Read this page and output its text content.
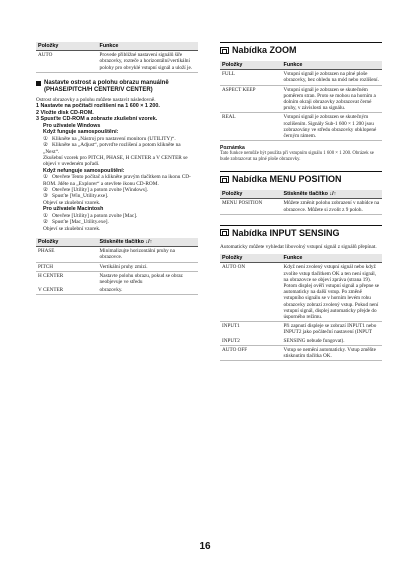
Položky	Funkce
AUTO	Provede přibližné nastavení signálů šíře obrazovky, rozteče a horizontální/vertikální polohy pro obvyklé vstupní signál a uloží je.
Nastavte ostrost a polohu obrazu manuálně
(PHASE/PITCH/H CENTER/V CENTER)

Ostrost obrazovky a polohu můžete nastavit následovně.

1 Nastavte na počítači rozlišení na 1 600 × 1 200.

2 Vložte disk CD-ROM.

3 Spusťte CD-ROM a zobrazte zkušební vzorek.

Pro uživatele Windows

Když funguje samospouštění:

① Klikněte na „Nástroj pro nastavení monitoru (UTILITY)“.

② Klikněte na „Adjust“, potvrďte rozlišení a potom klikněte na „Next“.

Zkušební vzorek pro PITCH, PHASE, H CENTER a V CENTER se objeví v uvedeném pořadí.

Když nefunguje samospouštění:

① Otevřete Tento počítač a klikněte pravým tlačítkem na ikonu CD-ROM. Jděte na „Explorer“ a otevřete ikonu CD-ROM.

② Otevřete [Utility] a potom zvolte [Windows].

③ Spusťte [Win_Utility.exe].

Objeví se zkušební vzorek.

Pro uživatele Macintosh

① Otevřete [Utility] a potom zvolte [Mac].

② Spusťte [Mac_Utility.exe].

Objeví se zkušební vzorek.

Položky	Stiskněte tlačítko ↓/↑
PHASE	Minimalizujte horizontální pruhy na obrazovce.
PITCH	Vertikální pruhy zmizí.
H CENTER	Nastavte polohu obrazu, pokud se obraz neobjevuje ve středu
V CENTER	obrazovky.
Nabídka ZOOM
Položky	Funkce
FULL	Vstupní signál je zobrazen na plné ploše obrazovky, bez ohledu na mód nebo rozlišení.
ASPECT KEEP	Vstupní signál je zobrazen se skutečném poměrem stran. Proto se mohou na horním a dolním okraji obrazovky zobrazovat černé pruhy, v závislosti na signálu.
REAL	Vstupní signál je zobrazen se skutečným rozlišením. Signály Sub-1 600 × 1 200 jsou zobrazovány ve středu obrazovky obklopené černým rámem.

Poznámka

Tato funkce nemůže být použita při vstupním signálu 1 600 × 1 200. Obrázek se bude zobrazovat na plné ploše obrazovky.

Nabídka MENU POSITION
Položky	Stiskněte tlačítko ↓/↑
MENU POSITION	Můžete změnit polohu zobrazení v nabídce na obrazovce. Můžete si zvolit z 9 poloh.
Nabídka INPUT SENSING

Automaticky můžete vyhledat libovolný vstupní signál z signálů přepínat.

Položky	Funkce
AUTO ON	Když není zvolený vstupní signál nebo když zvolíte vstup tlačítkem OK a ten není signál, na obrazovce se objeví zpráva (strana 19). Potom displej ověří vstupní signál a přepne se automaticky na další vstup. Po změně vstupního signálu se v horním levém rohu obrazovky zobrazí zvolený vstup. Pokud není vstupní signál, displej automaticky přejde do úsporného režimu.
INPUT1	Při zapnutí displeje se zobrazí INPUT1 nebo INPUT2 jako počáteční nastavení (INPUT
INPUT2	SENSING nebude fungovat).
AUTO OFF	Vstup se nemění automaticky. Vstup změňte stisknutím tlačítka OK.
16
